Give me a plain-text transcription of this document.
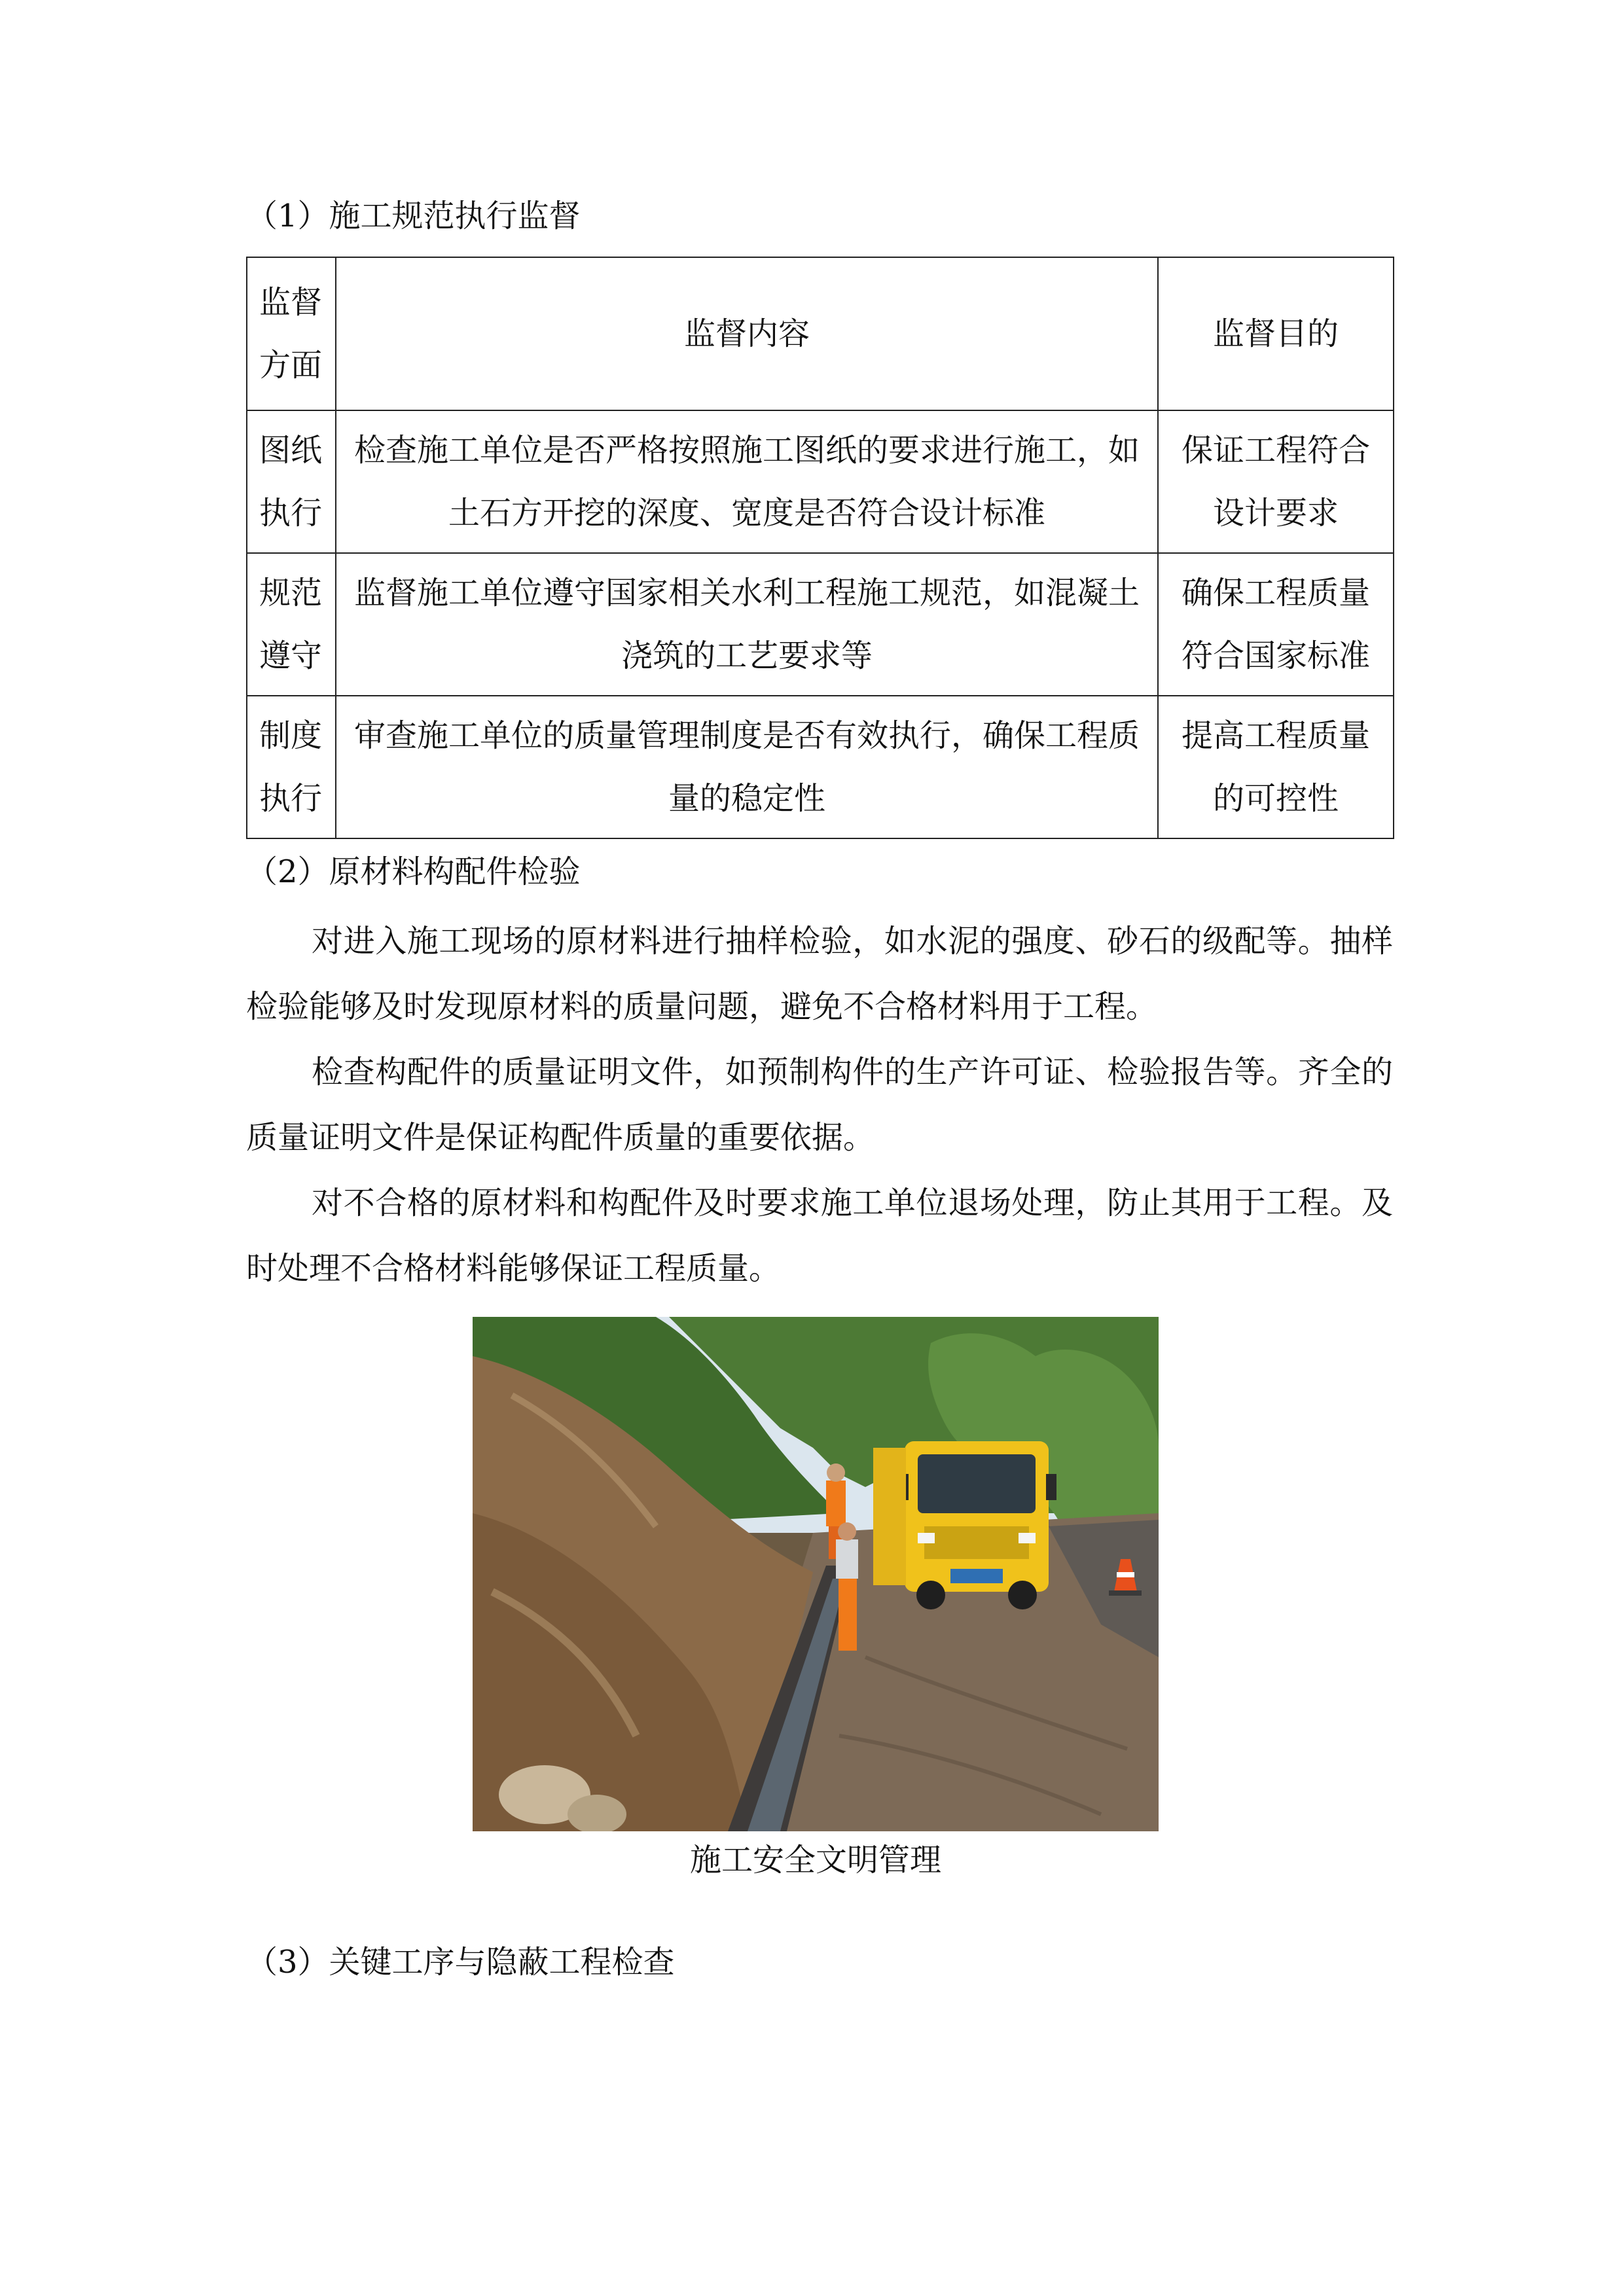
（1）施工规范执行监督
监督方面	监督内容	监督目的
图纸执行	检查施工单位是否严格按照施工图纸的要求进行施工，如土石方开挖的深度、宽度是否符合设计标准	保证工程符合设计要求
规范遵守	监督施工单位遵守国家相关水利工程施工规范，如混凝土浇筑的工艺要求等	确保工程质量符合国家标准
制度执行	审查施工单位的质量管理制度是否有效执行，确保工程质量的稳定性	提高工程质量的可控性
（2）原材料构配件检验

对进入施工现场的原材料进行抽样检验，如水泥的强度、砂石的级配等。抽样检验能够及时发现原材料的质量问题，避免不合格材料用于工程。

检查构配件的质量证明文件，如预制构件的生产许可证、检验报告等。齐全的质量证明文件是保证构配件质量的重要依据。

对不合格的原材料和构配件及时要求施工单位退场处理，防止其用于工程。及时处理不合格材料能够保证工程质量。

施工安全文明管理
（3）关键工序与隐蔽工程检查
